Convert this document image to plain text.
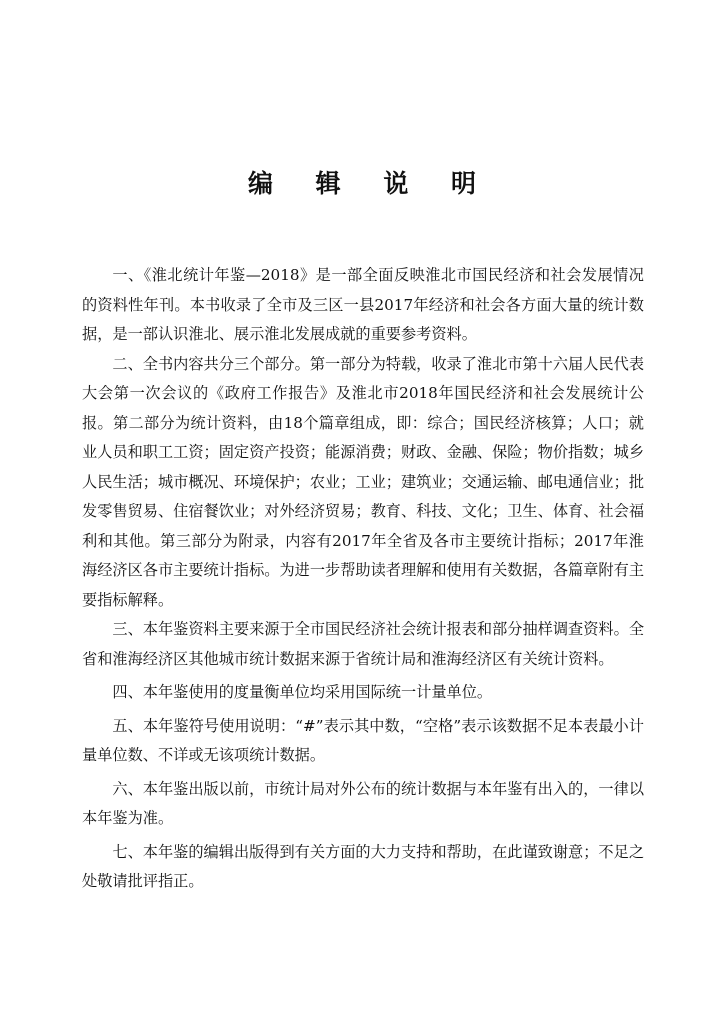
编 辑 说 明

一、《淮北统计年鉴—2018》是一部全面反映淮北市国民经济和社会发展情况的资料性年刊。本书收录了全市及三区一县2017年经济和社会各方面大量的统计数据，是一部认识淮北、展示淮北发展成就的重要参考资料。

二、全书内容共分三个部分。第一部分为特载，收录了淮北市第十六届人民代表大会第一次会议的《政府工作报告》及淮北市2018年国民经济和社会发展统计公报。第二部分为统计资料，由18个篇章组成，即：综合；国民经济核算；人口；就业人员和职工工资；固定资产投资；能源消费；财政、金融、保险；物价指数；城乡人民生活；城市概况、环境保护；农业；工业；建筑业；交通运输、邮电通信业；批发零售贸易、住宿餐饮业；对外经济贸易；教育、科技、文化；卫生、体育、社会福利和其他。第三部分为附录，内容有2017年全省及各市主要统计指标；2017年淮海经济区各市主要统计指标。为进一步帮助读者理解和使用有关数据，各篇章附有主要指标解释。

三、本年鉴资料主要来源于全市国民经济社会统计报表和部分抽样调查资料。全省和淮海经济区其他城市统计数据来源于省统计局和淮海经济区有关统计资料。

四、本年鉴使用的度量衡单位均采用国际统一计量单位。

五、本年鉴符号使用说明：“#”表示其中数，“空格”表示该数据不足本表最小计量单位数、不详或无该项统计数据。

六、本年鉴出版以前，市统计局对外公布的统计数据与本年鉴有出入的，一律以本年鉴为准。

七、本年鉴的编辑出版得到有关方面的大力支持和帮助，在此谨致谢意；不足之处敬请批评指正。
